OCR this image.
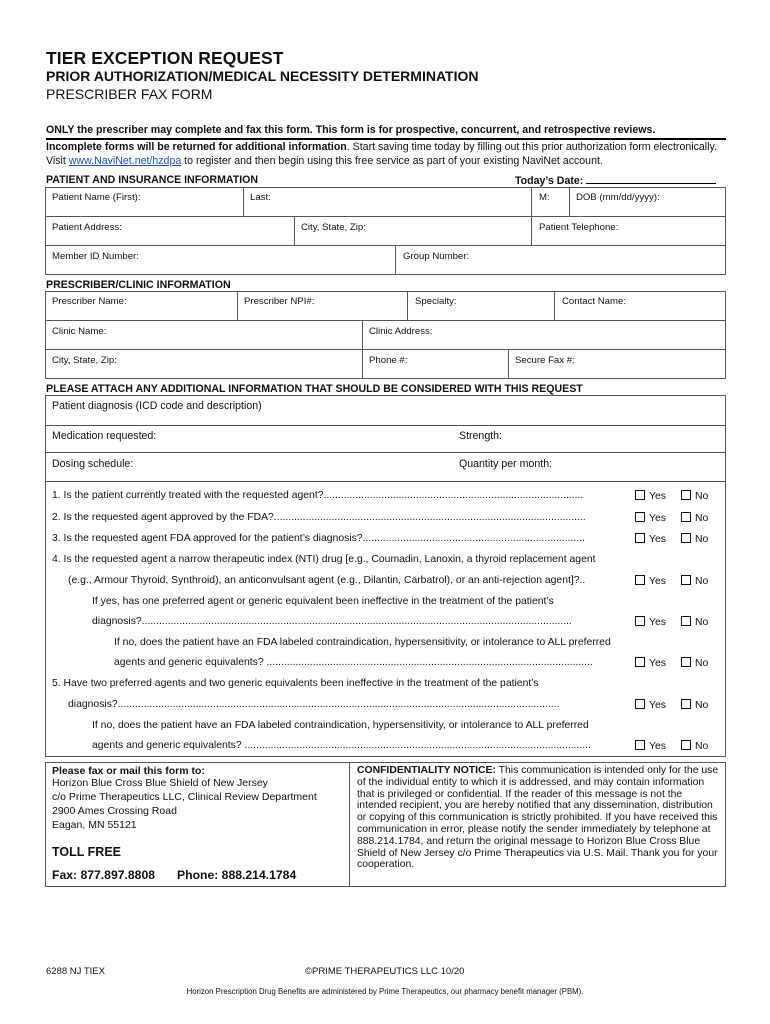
TIER EXCEPTION REQUEST
PRIOR AUTHORIZATION/MEDICAL NECESSITY DETERMINATION
PRESCRIBER FAX FORM
ONLY the prescriber may complete and fax this form. This form is for prospective, concurrent, and retrospective reviews.
Incomplete forms will be returned for additional information. Start saving time today by filling out this prior authorization form electronically. Visit www.NaviNet.net/hzdpa to register and then begin using this free service as part of your existing NaviNet account.
PATIENT AND INSURANCE INFORMATION	Today’s Date:
Patient Name (First):	Last:	M:	DOB (mm/dd/yyyy):
Patient Address:	City, State, Zip:	Patient Telephone:
Member ID Number:	Group Number:
PRESCRIBER/CLINIC INFORMATION
Prescriber Name:	Prescriber NPI#:	Specialty:	Contact Name:
Clinic Name:	Clinic Address:
City, State, Zip:	Phone #:	Secure Fax #:
PLEASE ATTACH ANY ADDITIONAL INFORMATION THAT SHOULD BE CONSIDERED WITH THIS REQUEST
Patient diagnosis (ICD code and description)
Medication requested:	Strength:
Dosing schedule:	Quantity per month:
1. Is the patient currently treated with the requested agent?..........................................................................................	Yes	No
2. Is the requested agent approved by the FDA?............................................................................................................	Yes	No
3. Is the requested agent FDA approved for the patient’s diagnosis?.............................................................................	Yes	No
4. Is the requested agent a narrow therapeutic index (NTI) drug [e.g., Coumadin, Lanoxin, a thyroid replacement agent
(e.g., Armour Thyroid, Synthroid), an anticonvulsant agent (e.g., Dilantin, Carbatrol), or an anti-rejection agent]?..	Yes	No
If yes, has one preferred agent or generic equivalent been ineffective in the treatment of the patient’s
diagnosis?.....................................................................................................................................................	Yes	No
If no, does the patient have an FDA labeled contraindication, hypersensitivity, or intolerance to ALL preferred
agents and generic equivalents? .................................................................................................................	Yes	No
5. Have two preferred agents and two generic equivalents been ineffective in the treatment of the patient’s
diagnosis?.........................................................................................................................................................	Yes	No
If no, does the patient have an FDA labeled contraindication, hypersensitivity, or intolerance to ALL preferred
agents and generic equivalents? ........................................................................................................................	Yes	No
Please fax or mail this form to:
Horizon Blue Cross Blue Shield of New Jersey
c/o Prime Therapeutics LLC, Clinical Review Department
2900 Ames Crossing Road
Eagan, MN 55121
TOLL FREE
Fax: 877.897.8808 Phone: 888.214.1784
CONFIDENTIALITY NOTICE: This communication is intended only for the use of the individual entity to which it is addressed, and may contain information that is privileged or confidential. If the reader of this message is not the intended recipient, you are hereby notified that any dissemination, distribution or copying of this communication is strictly prohibited. If you have received this communication in error, please notify the sender immediately by telephone at 888.214.1784, and return the original message to Horizon Blue Cross Blue Shield of New Jersey c/o Prime Therapeutics via U.S. Mail. Thank you for your cooperation.
6288 NJ TIEX	©PRIME THERAPEUTICS LLC 10/20
Horizon Prescription Drug Benefits are administered by Prime Therapeutics, our pharmacy benefit manager (PBM).
